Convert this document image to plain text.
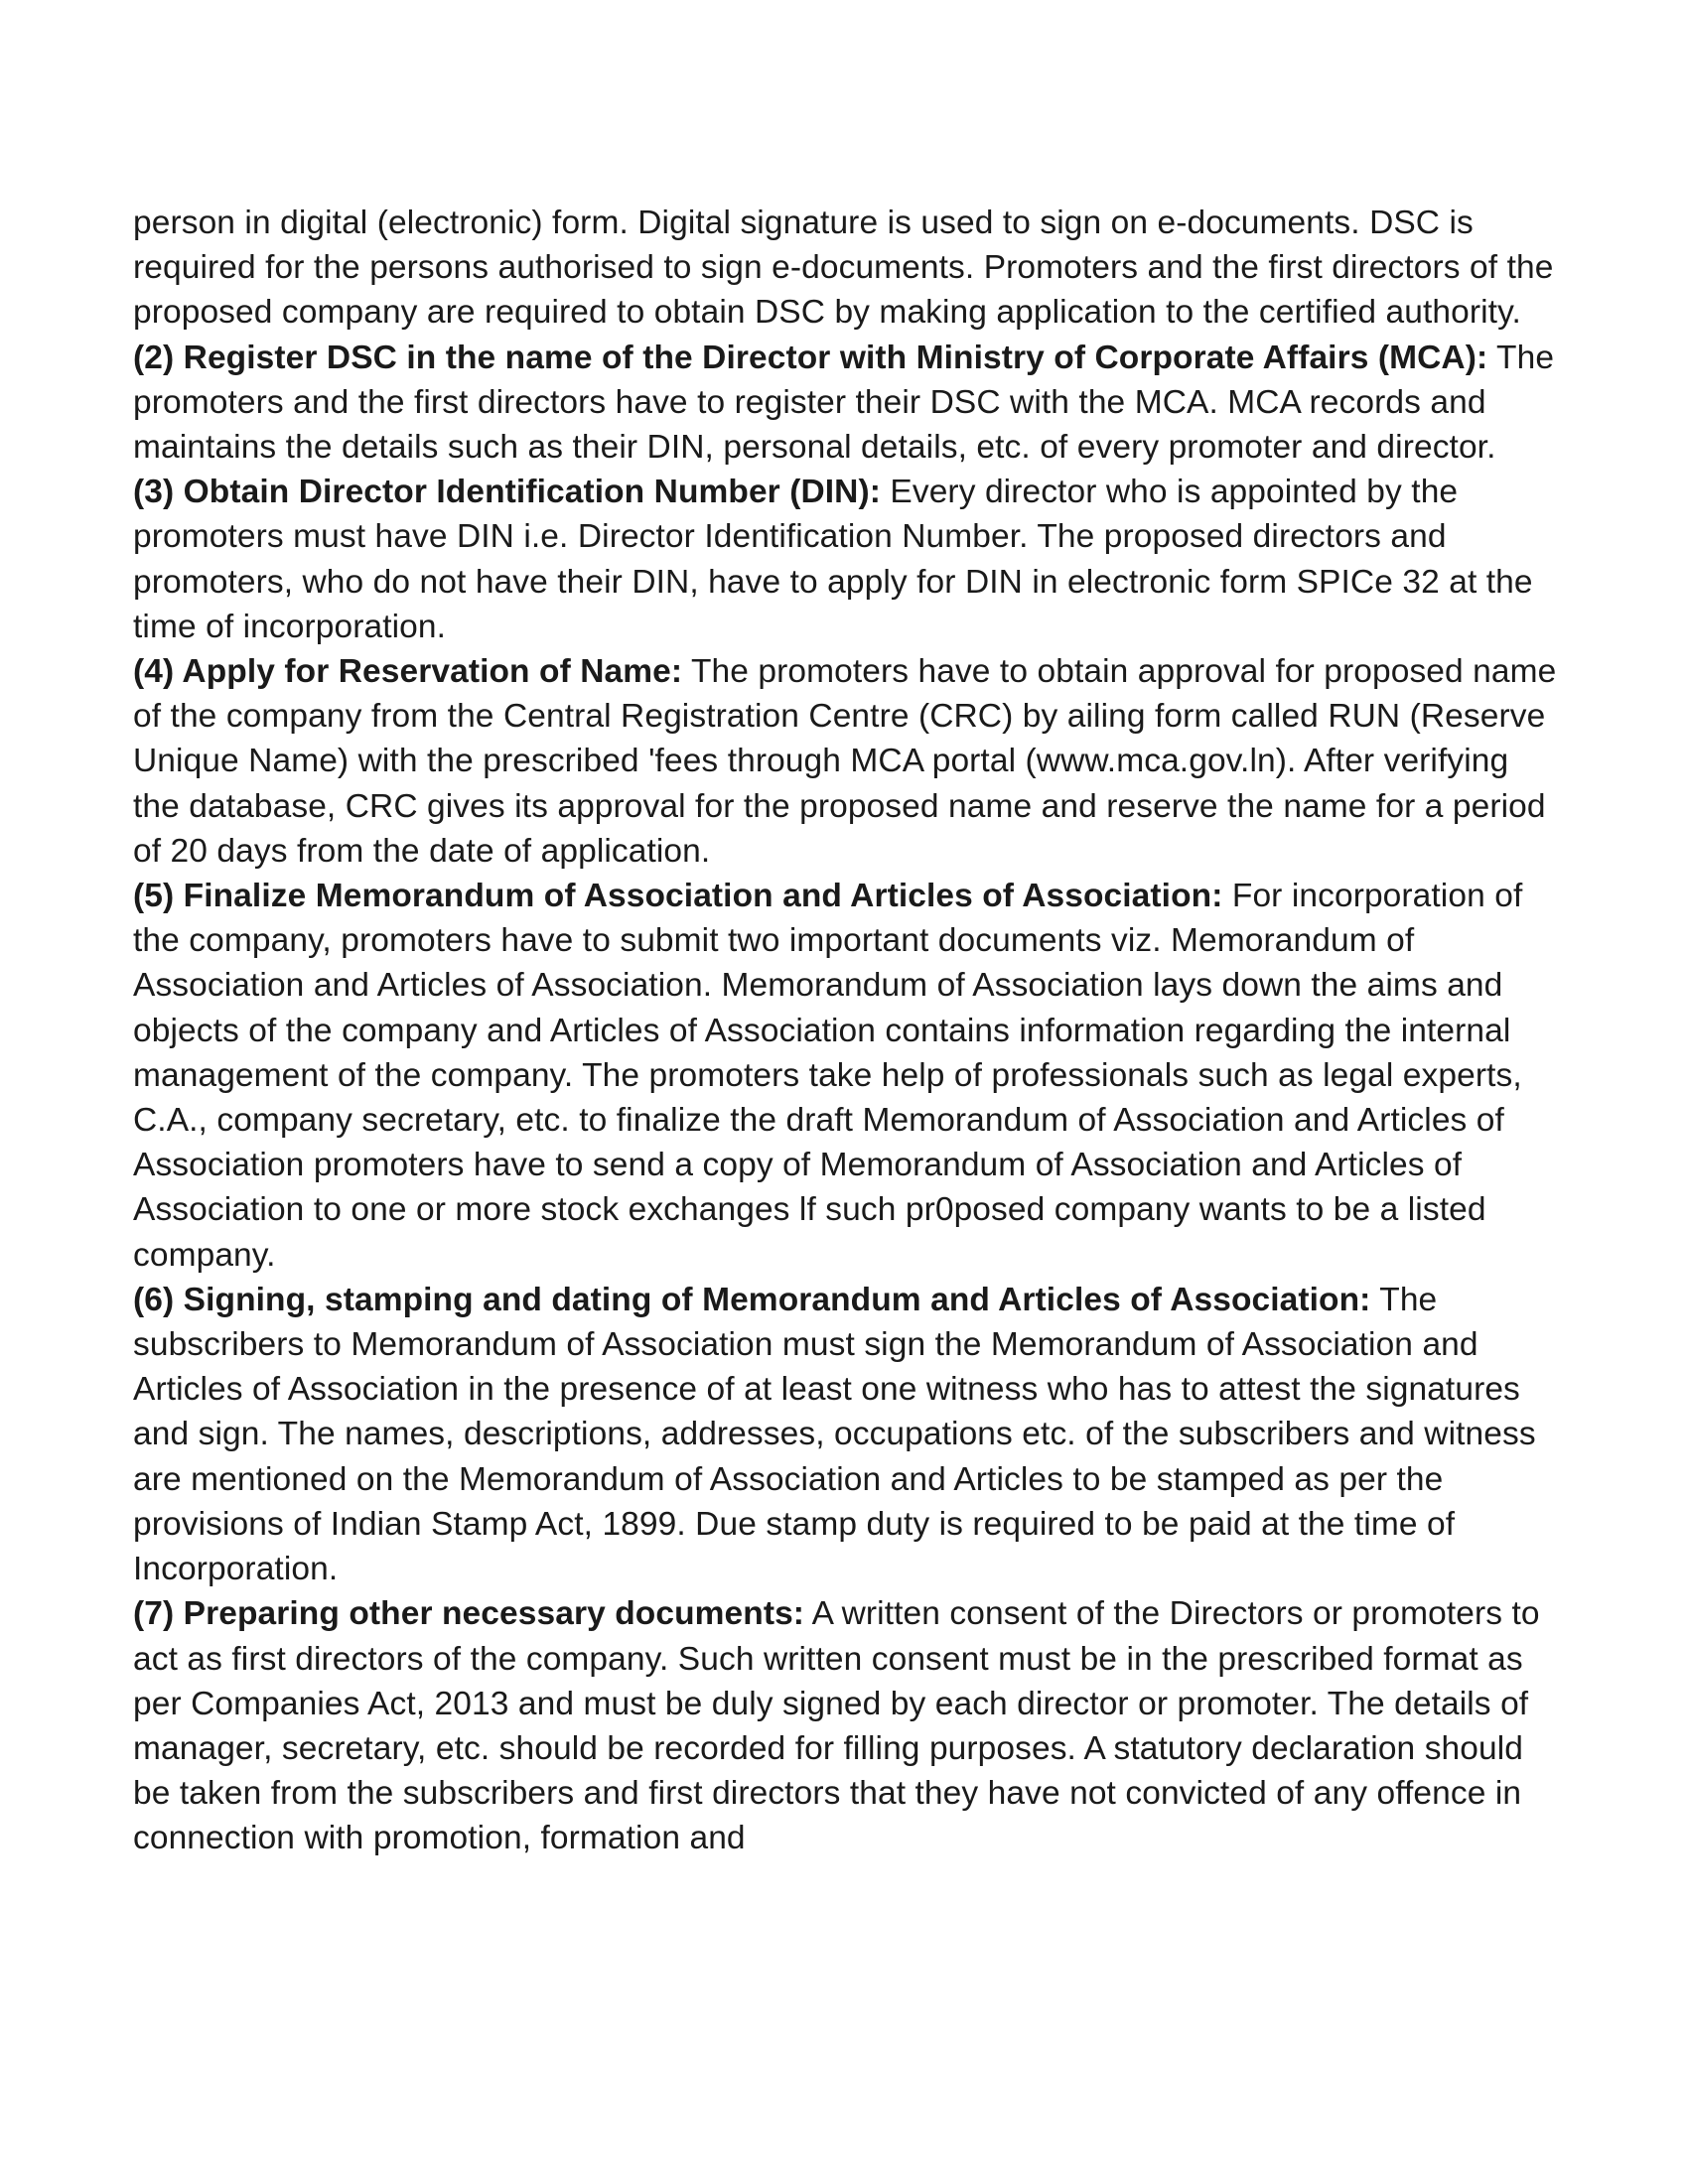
person in digital (electronic) form. Digital signature is used to sign on e-documents. DSC is required for the persons authorised to sign e-documents. Promoters and the first directors of the proposed company are required to obtain DSC by making application to the certified authority.

(2) Register DSC in the name of the Director with Ministry of Corporate Affairs (MCA): The promoters and the first directors have to register their DSC with the MCA. MCA records and maintains the details such as their DIN, personal details, etc. of every promoter and director.

(3) Obtain Director Identification Number (DIN): Every director who is appointed by the promoters must have DIN i.e. Director Identification Number. The proposed directors and promoters, who do not have their DIN, have to apply for DIN in electronic form SPICe 32 at the time of incorporation.

(4) Apply for Reservation of Name: The promoters have to obtain approval for proposed name of the company from the Central Registration Centre (CRC) by ailing form called RUN (Reserve Unique Name) with the prescribed 'fees through MCA portal (www.mca.gov.ln). After verifying the database, CRC gives its approval for the proposed name and reserve the name for a period of 20 days from the date of application.

(5) Finalize Memorandum of Association and Articles of Association: For incorporation of the company, promoters have to submit two important documents viz. Memorandum of Association and Articles of Association. Memorandum of Association lays down the aims and objects of the company and Articles of Association contains information regarding the internal management of the company. The promoters take help of professionals such as legal experts, C.A., company secretary, etc. to finalize the draft Memorandum of Association and Articles of Association promoters have to send a copy of Memorandum of Association and Articles of Association to one or more stock exchanges lf such pr0posed company wants to be a listed company.

(6) Signing, stamping and dating of Memorandum and Articles of Association: The subscribers to Memorandum of Association must sign the Memorandum of Association and Articles of Association in the presence of at least one witness who has to attest the signatures and sign. The names, descriptions, addresses, occupations etc. of the subscribers and witness are mentioned on the Memorandum of Association and Articles to be stamped as per the provisions of Indian Stamp Act, 1899. Due stamp duty is required to be paid at the time of Incorporation.

(7) Preparing other necessary documents: A written consent of the Directors or promoters to act as first directors of the company. Such written consent must be in the prescribed format as per Companies Act, 2013 and must be duly signed by each director or promoter. The details of manager, secretary, etc. should be recorded for filling purposes. A statutory declaration should be taken from the subscribers and first directors that they have not convicted of any offence in connection with promotion, formation and
